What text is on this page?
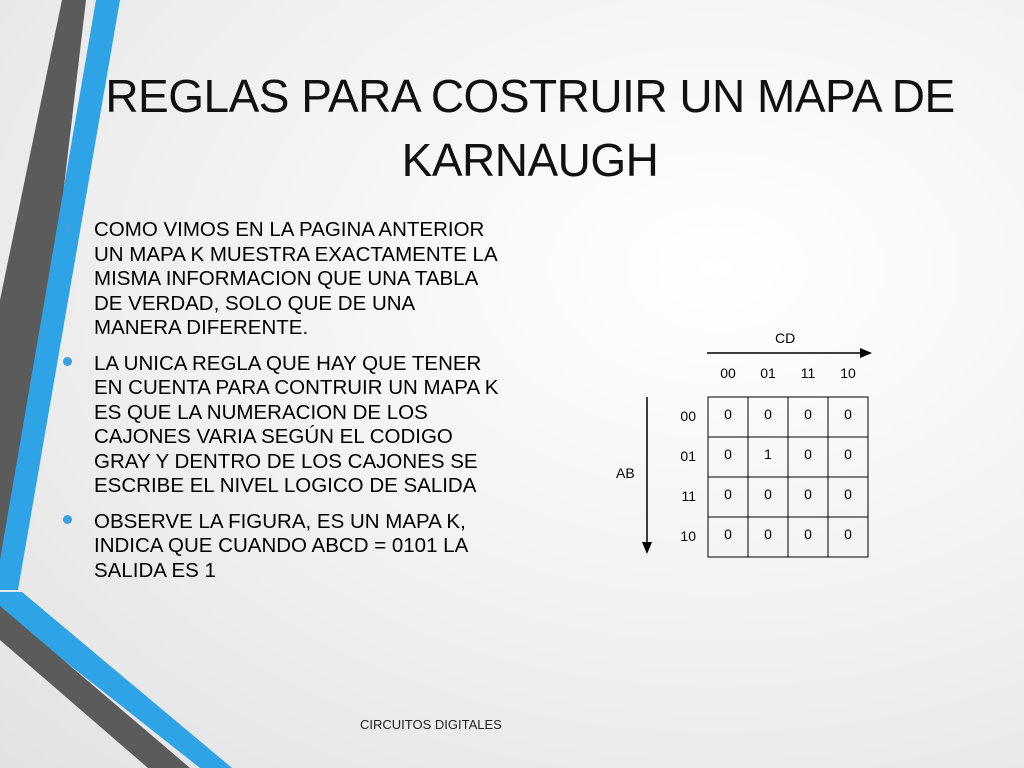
REGLAS PARA COSTRUIR UN MAPA DE
KARNAUGH
COMO VIMOS EN LA PAGINA ANTERIOR UN MAPA K MUESTRA EXACTAMENTE LA MISMA INFORMACION QUE UNA TABLA DE VERDAD, SOLO QUE DE UNA MANERA DIFERENTE.
LA UNICA REGLA QUE HAY QUE TENER EN CUENTA PARA CONTRUIR UN MAPA K ES QUE LA NUMERACION DE LOS CAJONES VARIA SEGÚN EL CODIGO GRAY Y DENTRO DE LOS CAJONES SE ESCRIBE EL NIVEL LOGICO DE SALIDA
OBSERVE LA FIGURA, ES UN MAPA K, INDICA QUE CUANDO ABCD = 0101 LA SALIDA ES 1
CD
AB
00 01 11 10
00
01
11
10
0 0 0 0
0 1 0 0
0 0 0 0
0 0 0 0
CIRCUITOS DIGITALES
